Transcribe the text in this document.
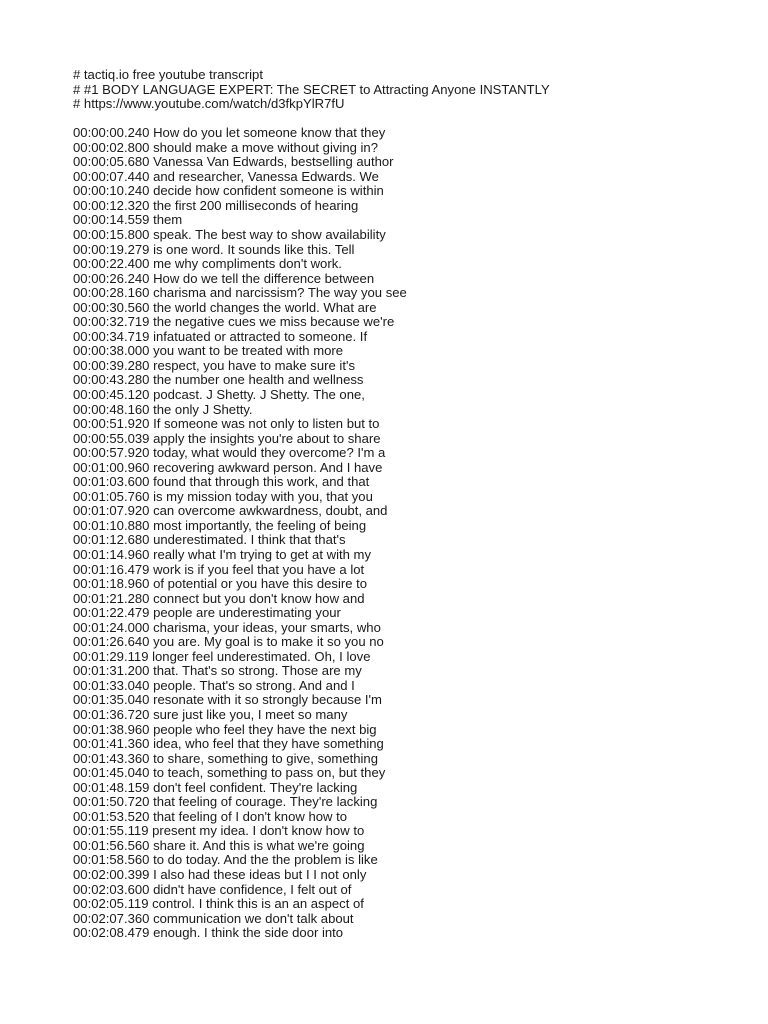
# tactiq.io free youtube transcript
# #1 BODY LANGUAGE EXPERT: The SECRET to Attracting Anyone INSTANTLY
# https://www.youtube.com/watch/d3fkpYlR7fU
00:00:00.240 How do you let someone know that they
00:00:02.800 should make a move without giving in?
00:00:05.680 Vanessa Van Edwards, bestselling author
00:00:07.440 and researcher, Vanessa Edwards. We
00:00:10.240 decide how confident someone is within
00:00:12.320 the first 200 milliseconds of hearing
00:00:14.559 them
00:00:15.800 speak. The best way to show availability
00:00:19.279 is one word. It sounds like this. Tell
00:00:22.400 me why compliments don't work.
00:00:26.240 How do we tell the difference between
00:00:28.160 charisma and narcissism? The way you see
00:00:30.560 the world changes the world. What are
00:00:32.719 the negative cues we miss because we're
00:00:34.719 infatuated or attracted to someone. If
00:00:38.000 you want to be treated with more
00:00:39.280 respect, you have to make sure it's
00:00:43.280 the number one health and wellness
00:00:45.120 podcast. J Shetty. J Shetty. The one,
00:00:48.160 the only J Shetty.
00:00:51.920 If someone was not only to listen but to
00:00:55.039 apply the insights you're about to share
00:00:57.920 today, what would they overcome? I'm a
00:01:00.960 recovering awkward person. And I have
00:01:03.600 found that through this work, and that
00:01:05.760 is my mission today with you, that you
00:01:07.920 can overcome awkwardness, doubt, and
00:01:10.880 most importantly, the feeling of being
00:01:12.680 underestimated. I think that that's
00:01:14.960 really what I'm trying to get at with my
00:01:16.479 work is if you feel that you have a lot
00:01:18.960 of potential or you have this desire to
00:01:21.280 connect but you don't know how and
00:01:22.479 people are underestimating your
00:01:24.000 charisma, your ideas, your smarts, who
00:01:26.640 you are. My goal is to make it so you no
00:01:29.119 longer feel underestimated. Oh, I love
00:01:31.200 that. That's so strong. Those are my
00:01:33.040 people. That's so strong. And and I
00:01:35.040 resonate with it so strongly because I'm
00:01:36.720 sure just like you, I meet so many
00:01:38.960 people who feel they have the next big
00:01:41.360 idea, who feel that they have something
00:01:43.360 to share, something to give, something
00:01:45.040 to teach, something to pass on, but they
00:01:48.159 don't feel confident. They're lacking
00:01:50.720 that feeling of courage. They're lacking
00:01:53.520 that feeling of I don't know how to
00:01:55.119 present my idea. I don't know how to
00:01:56.560 share it. And this is what we're going
00:01:58.560 to do today. And the the problem is like
00:02:00.399 I also had these ideas but I I not only
00:02:03.600 didn't have confidence, I felt out of
00:02:05.119 control. I think this is an an aspect of
00:02:07.360 communication we don't talk about
00:02:08.479 enough. I think the side door into
